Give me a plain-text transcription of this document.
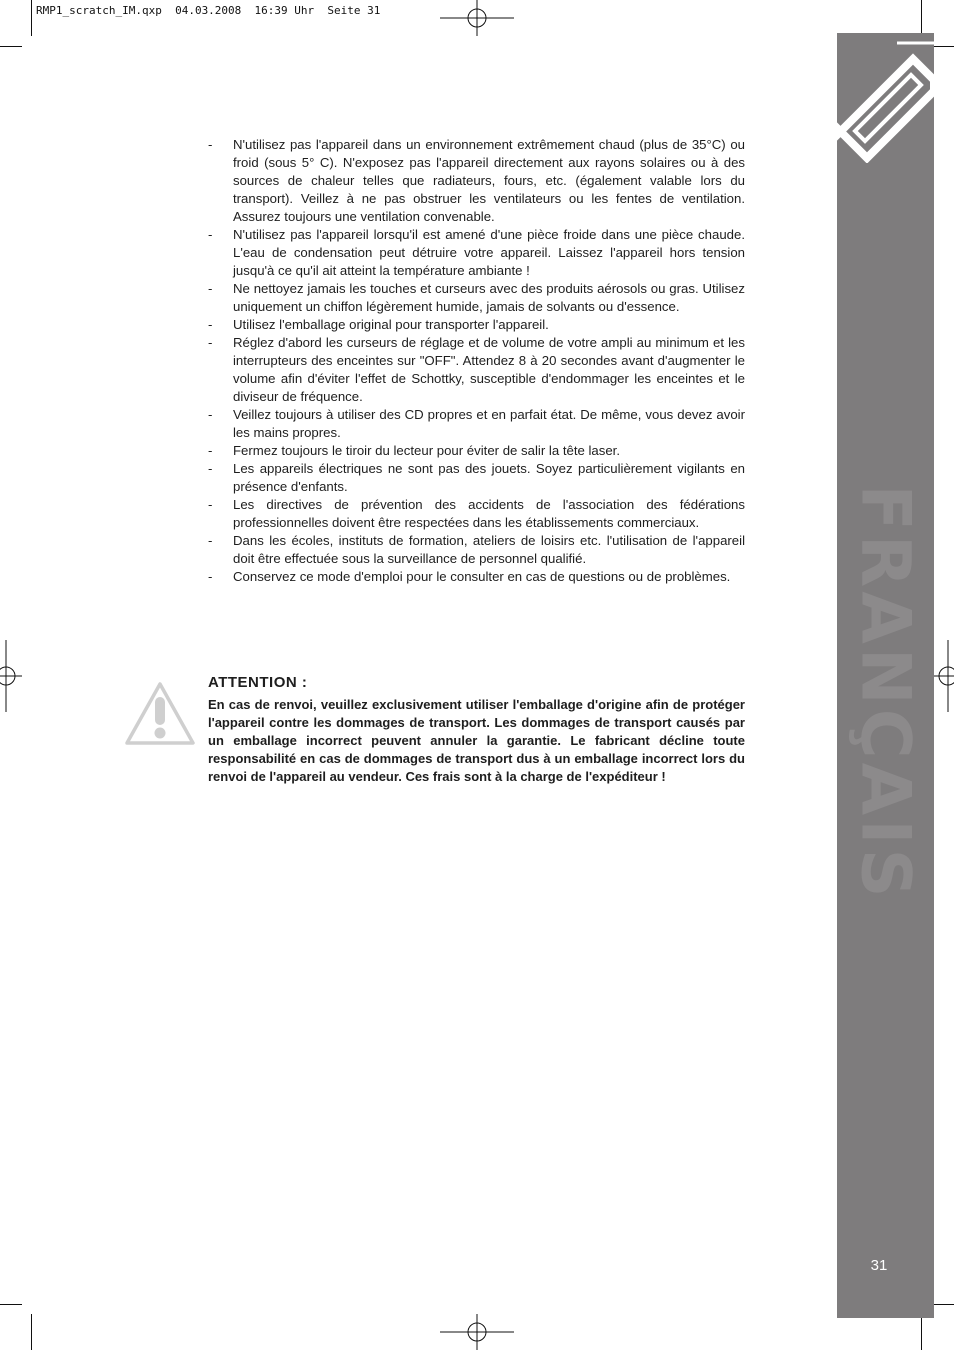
RMP1_scratch_IM.qxp  04.03.2008  16:39 Uhr  Seite 31
FRANÇAIS
31
- N'utilisez pas l'appareil dans un environnement extrêmement chaud (plus de 35°C) ou froid (sous 5° C). N'exposez pas l'appareil directement aux rayons solaires ou à des sources de chaleur telles que radiateurs, fours, etc. (également valable lors du transport). Veillez à ne pas obstruer les ventilateurs ou les fentes de ventilation. Assurez toujours une ventilation convenable.
- N'utilisez pas l'appareil lorsqu'il est amené d'une pièce froide dans une pièce chaude. L'eau de condensation peut détruire votre appareil. Laissez l'appareil hors tension jusqu'à ce qu'il ait atteint la température ambiante !
- Ne nettoyez jamais les touches et curseurs avec des produits aérosols ou gras. Utilisez uniquement un chiffon légèrement humide, jamais de solvants ou d'essence.
- Utilisez l'emballage original pour transporter l'appareil.
- Réglez d'abord les curseurs de réglage et de volume de votre ampli au minimum et les interrupteurs des enceintes sur "OFF". Attendez 8 à 20 secondes avant d'augmenter le volume afin d'éviter l'effet de Schottky, susceptible d'endommager les enceintes et le diviseur de fréquence.
- Veillez toujours à utiliser des CD propres et en parfait état. De même, vous devez avoir les mains propres.
- Fermez toujours le tiroir du lecteur pour éviter de salir la tête laser.
- Les appareils électriques ne sont pas des jouets. Soyez particulièrement vigilants en présence d'enfants.
- Les directives de prévention des accidents de l'association des fédérations professionnelles doivent être respectées dans les établissements commerciaux.
- Dans les écoles, instituts de formation, ateliers de loisirs etc. l'utilisation de l'appareil doit être effectuée sous la surveillance de personnel qualifié.
- Conservez ce mode d'emploi pour le consulter en cas de questions ou de problèmes.
ATTENTION :
En cas de renvoi, veuillez exclusivement utiliser l'emballage d'origine afin de protéger l'appareil contre les dommages de transport. Les dommages de transport causés par un emballage incorrect peuvent annuler la garantie. Le fabricant décline toute responsabilité en cas de dommages de transport dus à un emballage incorrect lors du renvoi de l'appareil au vendeur. Ces frais sont à la charge de l'expéditeur !
